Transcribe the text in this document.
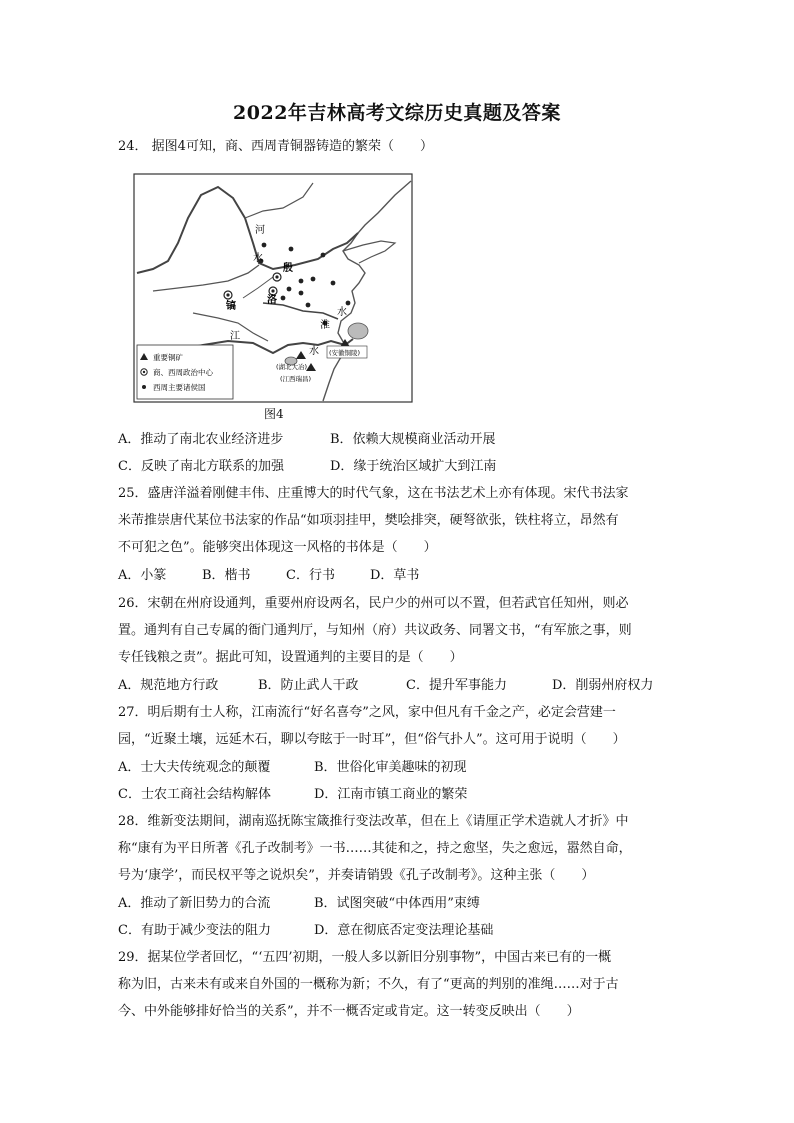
2022年吉林高考文综历史真题及答案
24． 据图4可知，商、西周青铜器铸造的繁荣（　　）
河
水
殷
洛
镐
江
水
淮
水
(湖北大冶)
(江西瑞昌)
(安徽铜陵)
重要铜矿
商、西周政治中心
西周主要诸侯国
图4
A．推动了南北农业经济进步	B．依赖大规模商业活动开展
C．反映了南北方联系的加强	D．缘于统治区域扩大到江南
25．盛唐洋溢着刚健丰伟、庄重博大的时代气象，这在书法艺术上亦有体现。宋代书法家
米芾推崇唐代某位书法家的作品“如项羽挂甲，樊哙排突，硬弩欲张，铁柱将立，昂然有
不可犯之色”。能够突出体现这一风格的书体是（　　）
A．小篆	B．楷书	C．行书	D．草书
26．宋朝在州府设通判，重要州府设两名，民户少的州可以不置，但若武官任知州，则必
置。通判有自己专属的衙门通判厅，与知州（府）共议政务、同署文书，“有军旅之事，则
专任钱粮之责”。据此可知，设置通判的主要目的是（　　）
A．规范地方行政	B．防止武人干政	C．提升军事能力	D．削弱州府权力
27．明后期有士人称，江南流行“好名喜夸”之风，家中但凡有千金之产，必定会营建一
园，“近聚土壤，远延木石，聊以夸眩于一时耳”，但“俗气扑人”。这可用于说明（　　）
A．士大夫传统观念的颠覆	B．世俗化审美趣味的初现
C．士农工商社会结构解体	D．江南市镇工商业的繁荣
28．维新变法期间，湖南巡抚陈宝箴推行变法改革，但在上《请厘正学术造就人才折》中
称“康有为平日所著《孔子改制考》一书……其徒和之，持之愈坚，失之愈远，嚣然自命，
号为‘康学’，而民权平等之说炽矣”，并奏请销毁《孔子改制考》。这种主张（　　）
A．推动了新旧势力的合流	B．试图突破“中体西用”束缚
C．有助于减少变法的阻力	D．意在彻底否定变法理论基础
29．据某位学者回忆，“‘五四’初期，一般人多以新旧分别事物”，中国古来已有的一概
称为旧，古来未有或来自外国的一概称为新；不久，有了“更高的判别的准绳……对于古
今、中外能够排好恰当的关系”，并不一概否定或肯定。这一转变反映出（　　）
